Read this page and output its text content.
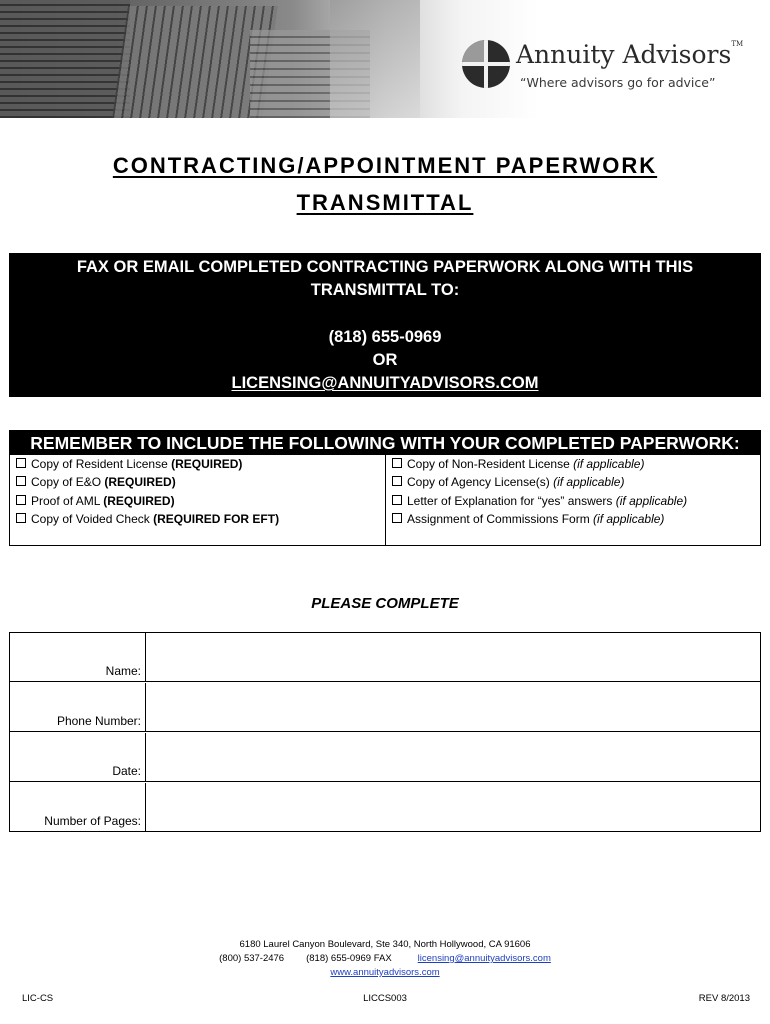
Annuity Advisors™
“Where advisors go for advice”
CONTRACTING/APPOINTMENT PAPERWORK
TRANSMITTAL
FAX OR EMAIL COMPLETED CONTRACTING PAPERWORK ALONG WITH THIS
TRANSMITTAL TO:
(818) 655-0969
OR
LICENSING@ANNUITYADVISORS.COM
REMEMBER TO INCLUDE THE FOLLOWING WITH YOUR COMPLETED PAPERWORK:
Copy of Resident License (REQUIRED)
Copy of E&O (REQUIRED)
Proof of AML (REQUIRED)
Copy of Voided Check (REQUIRED FOR EFT)
Copy of Non-Resident License (if applicable)
Copy of Agency License(s) (if applicable)
Letter of Explanation for “yes” answers (if applicable)
Assignment of Commissions Form (if applicable)
PLEASE COMPLETE
Name:
Phone Number:
Date:
Number of Pages:
6180 Laurel Canyon Boulevard, Ste 340, North Hollywood, CA 91606
(800) 537-2476 (818) 655-0969 FAX	licensing@annuityadvisors.com
www.annuityadvisors.com
LIC-CS	LICCS003	REV 8/2013
